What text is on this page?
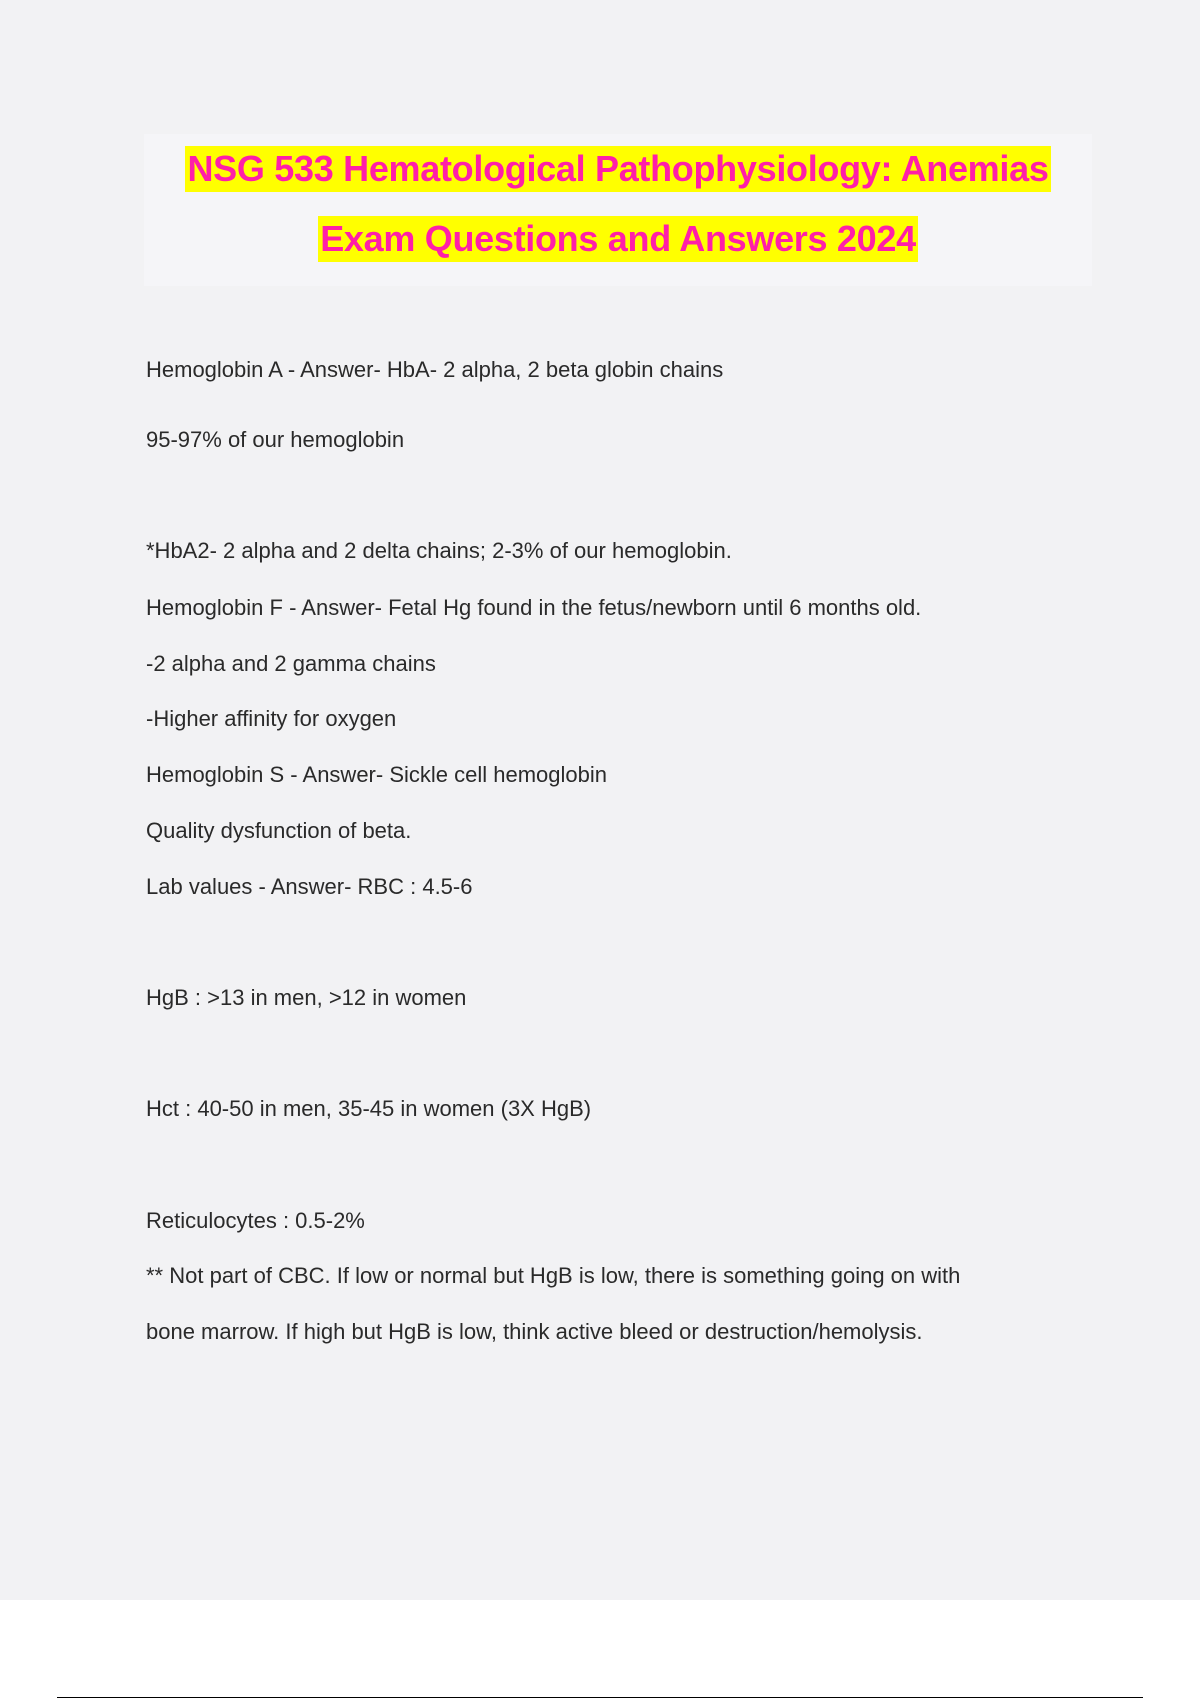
NSG 533 Hematological Pathophysiology: Anemias
Exam Questions and Answers 2024
Hemoglobin A - Answer- HbA- 2 alpha, 2 beta globin chains
95-97% of our hemoglobin
*HbA2- 2 alpha and 2 delta chains; 2-3% of our hemoglobin.
Hemoglobin F - Answer- Fetal Hg found in the fetus/newborn until 6 months old.
-2 alpha and 2 gamma chains
-Higher affinity for oxygen
Hemoglobin S - Answer- Sickle cell hemoglobin
Quality dysfunction of beta.
Lab values - Answer- RBC : 4.5-6
HgB : >13 in men, >12 in women
Hct : 40-50 in men, 35-45 in women (3X HgB)
Reticulocytes : 0.5-2%
** Not part of CBC. If low or normal but HgB is low, there is something going on with
bone marrow. If high but HgB is low, think active bleed or destruction/hemolysis.
